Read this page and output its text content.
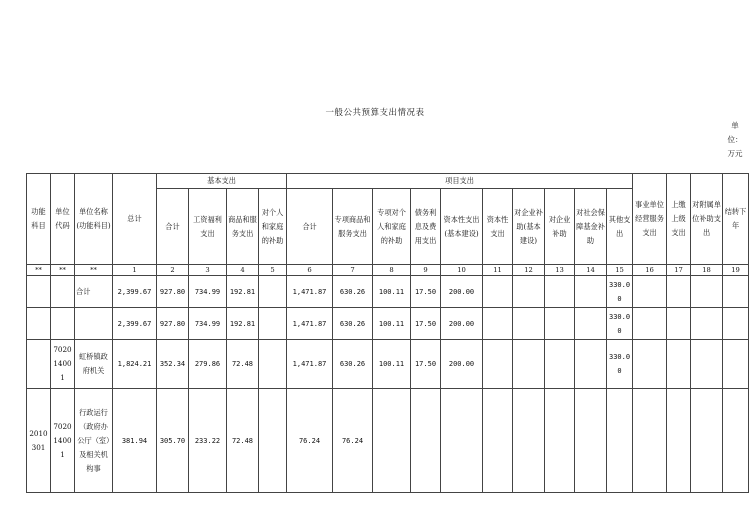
一般公共预算支出情况表
单位：万元
功能科目	单位代码	单位名称(功能科目)	总计	基本支出				项目支出										事业单位经营服务支出	上缴上级支出	对附属单位补助支出	结转下年
				合计	工资福利支出	商品和服务支出	对个人和家庭的补助	合计	专项商品和服务支出	专项对个人和家庭的补助	债务利息及费用支出	资本性支出(基本建设)	资本性支出	对企业补助(基本建设)	对企业补助	对社会保障基金补助	其他支出				
**	**	**	1	2	3	4	5	6	7	8	9	10	11	12	13	14	15	16	17	18	19
		合计	2,399.67	927.80	734.99	192.81		1,471.87	630.26	100.11	17.50	200.00					330.00				
			2,399.67	927.80	734.99	192.81		1,471.87	630.26	100.11	17.50	200.00					330.00				
	702014001	虹桥镇政府机关	1,824.21	352.34	279.86	72.48		1,471.87	630.26	100.11	17.50	200.00					330.00				
2010301	702014001	行政运行（政府办公厅（室）及相关机构事	381.94	305.70	233.22	72.48		76.24	76.24												
